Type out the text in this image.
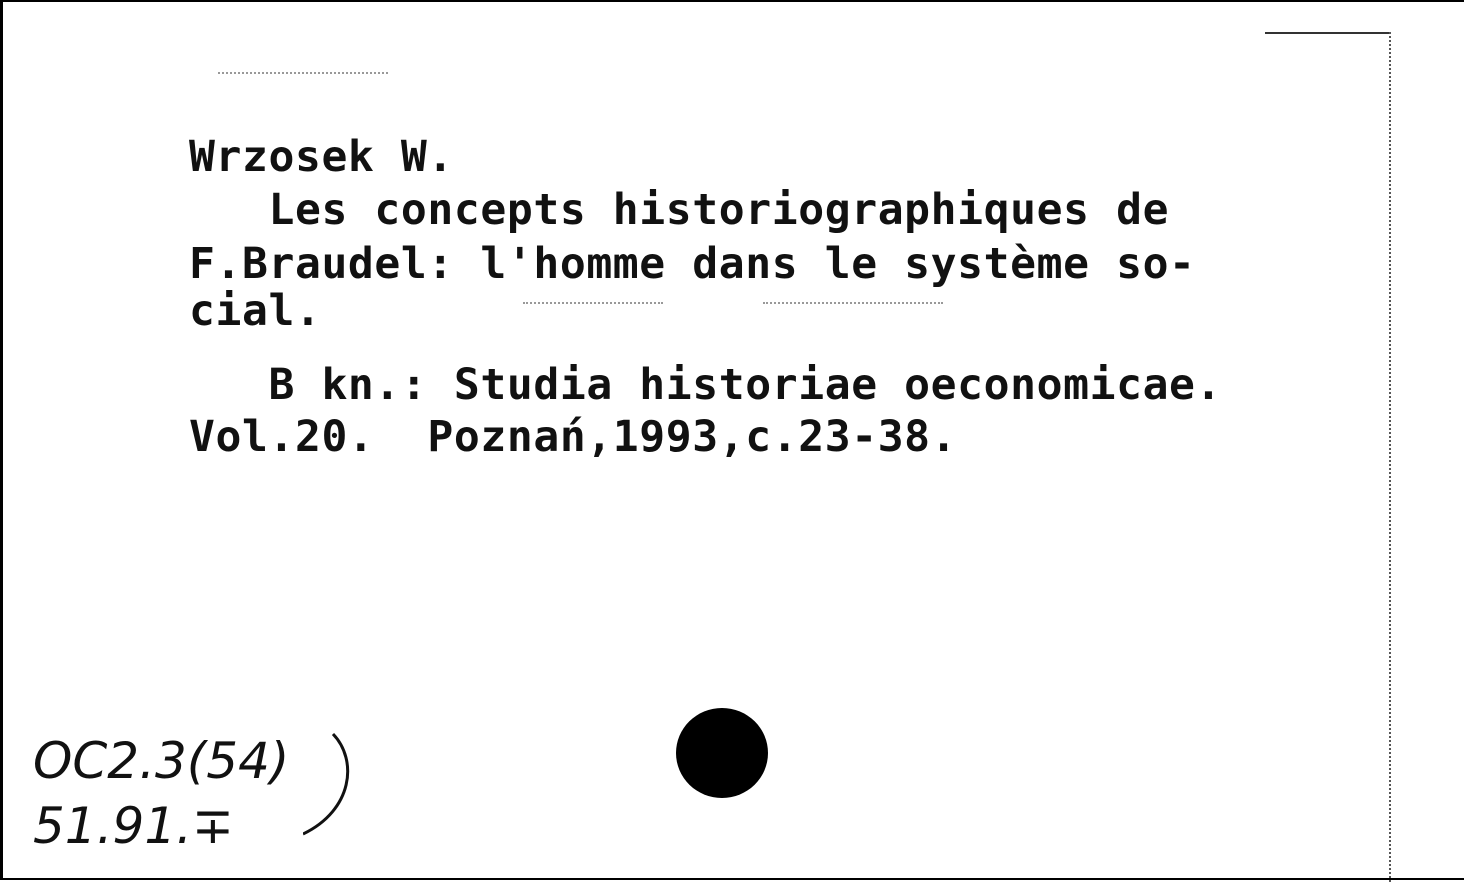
Wrzosek W.

Les concepts historiographiques de

F.Braudel: l'homme dans le système so-

cial.

B kn.: Studia historiae oeconomicae.

Vol.20.  Poznań,1993,c.23-38.

OC2.3(54)
51.91.∓
